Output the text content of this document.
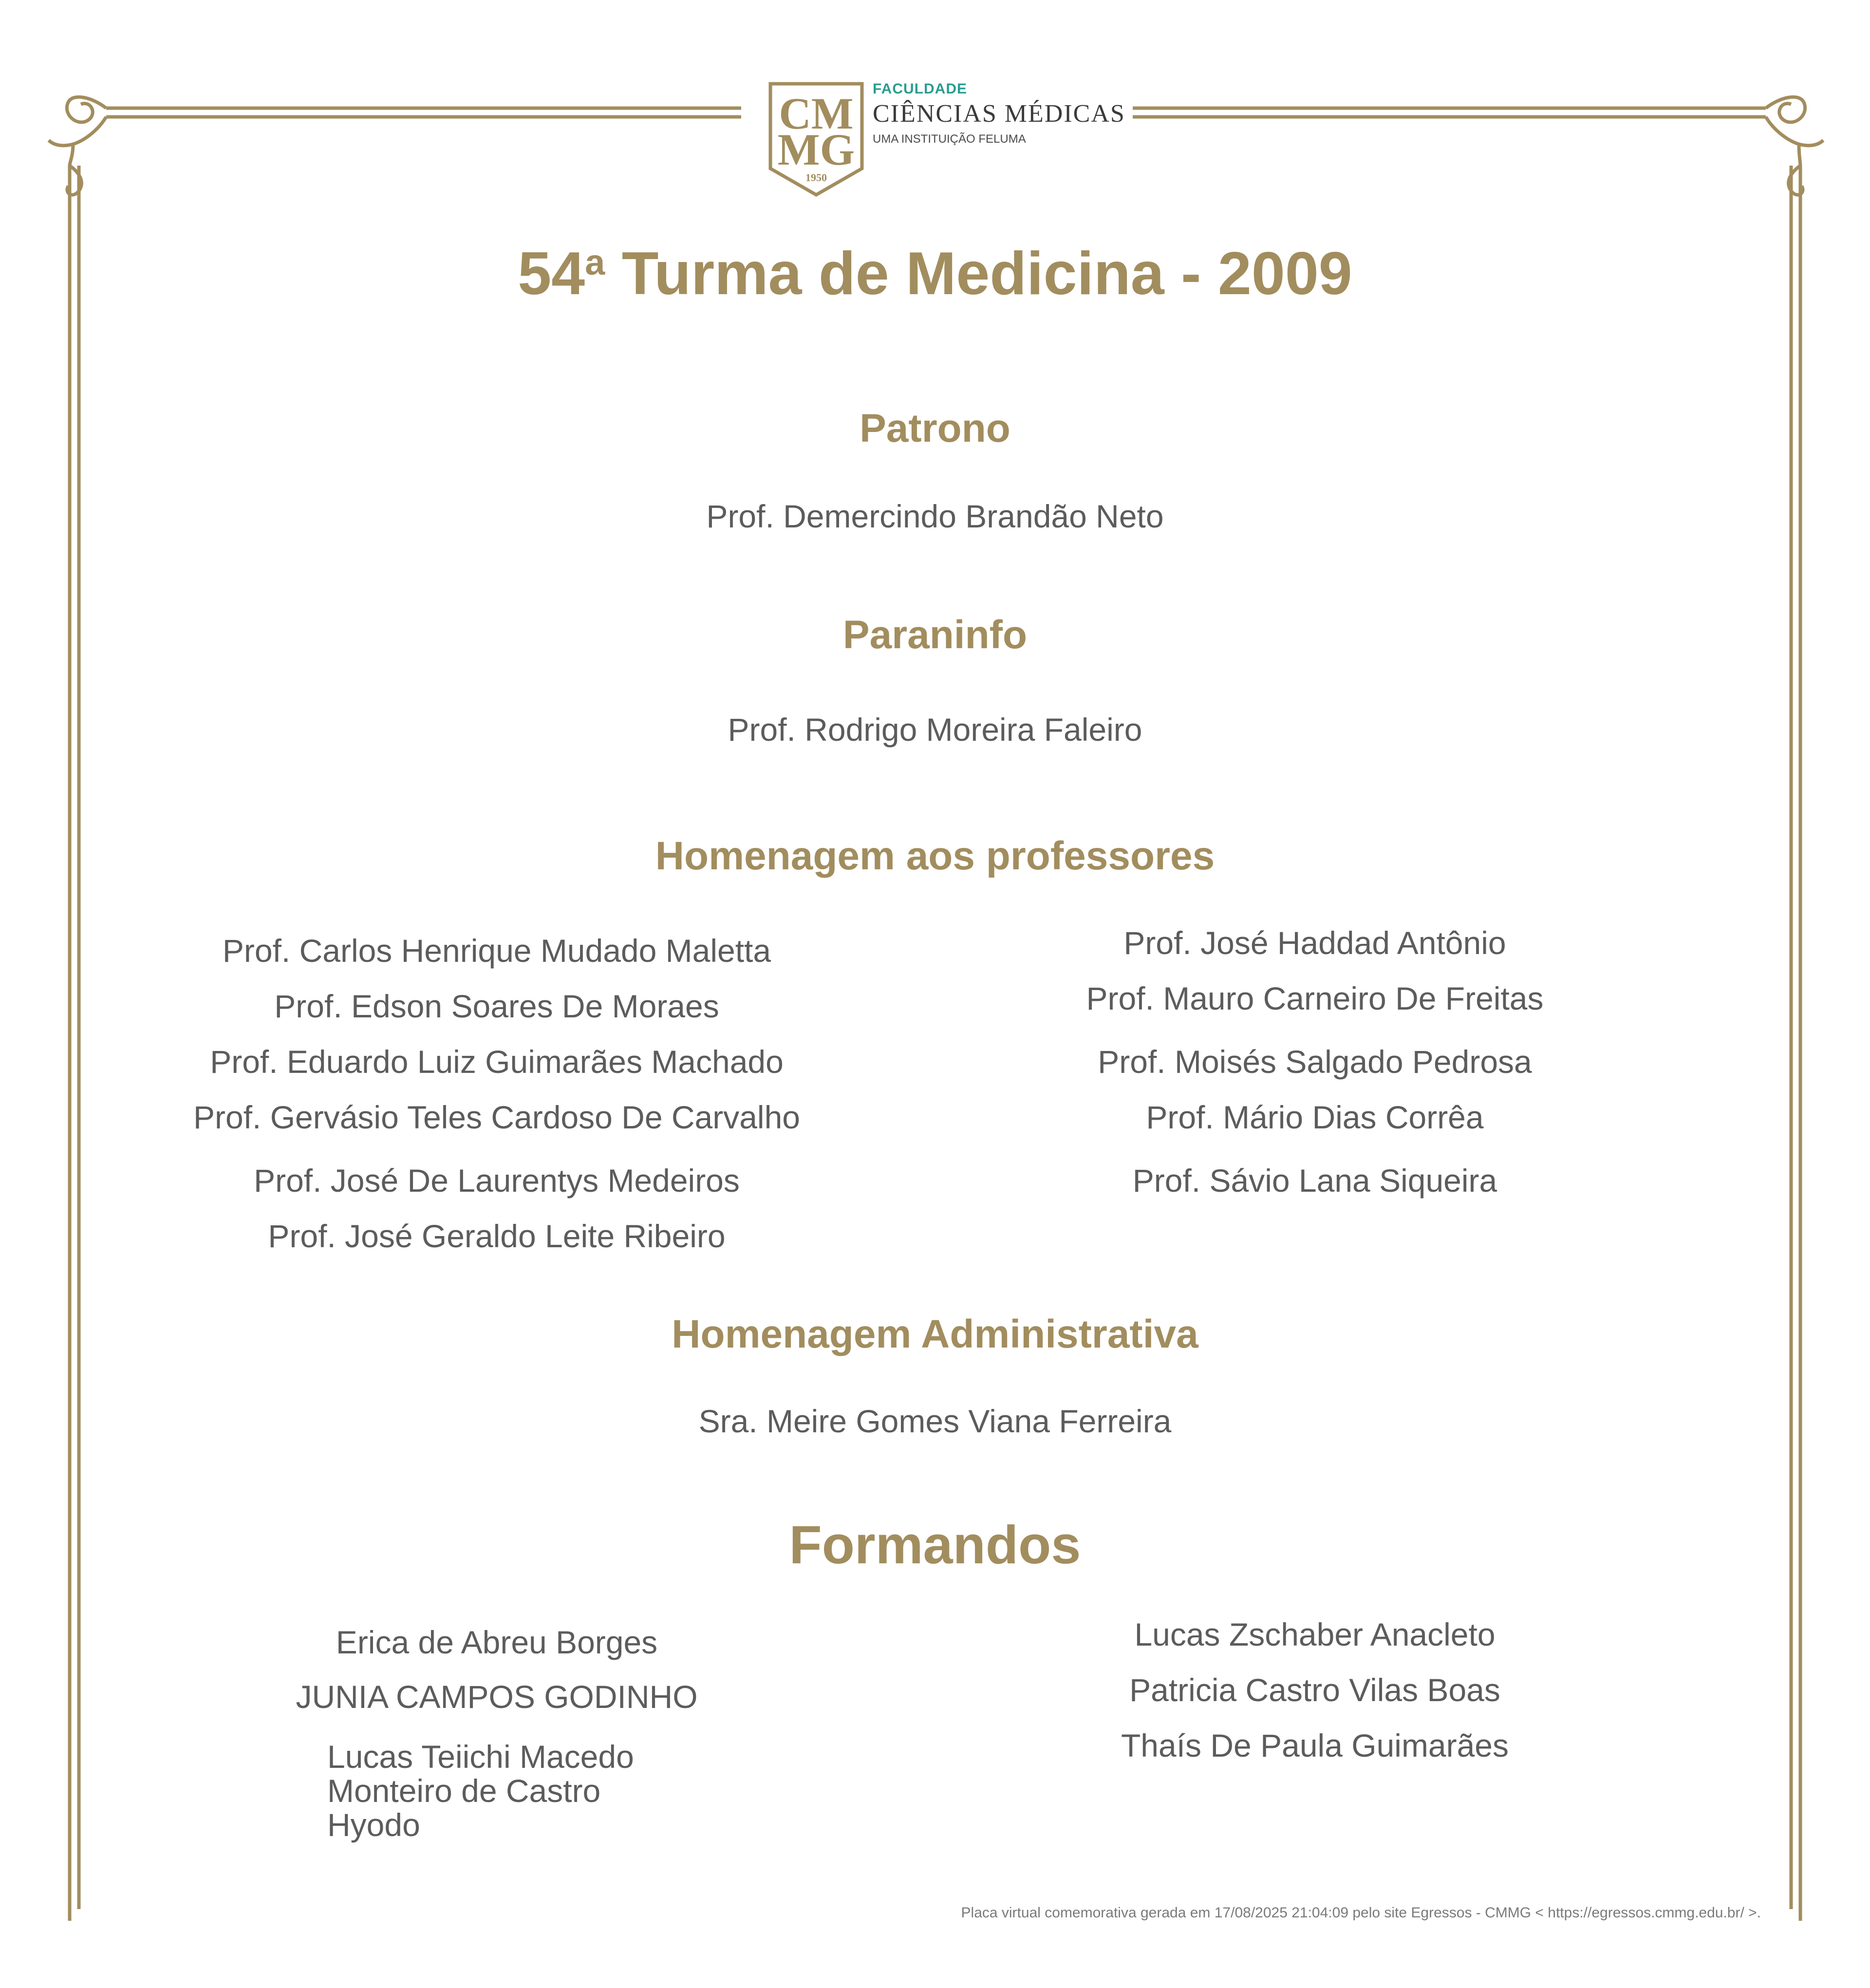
CM
MG
1950
FACULDADE
CIÊNCIAS MÉDICAS
UMA INSTITUIÇÃO FELUMA
54$^a$ Turma de Medicina - 2009
Patrono
Prof. Demercindo Brandão Neto
Paraninfo
Prof. Rodrigo Moreira Faleiro
Homenagem aos professores
Prof. Carlos Henrique Mudado Maletta
Prof. Edson Soares De Moraes
Prof. Eduardo Luiz Guimarães Machado
Prof. Gervásio Teles Cardoso De Carvalho
Prof. José De Laurentys Medeiros
Prof. José Geraldo Leite Ribeiro
Prof. José Haddad Antônio
Prof. Mauro Carneiro De Freitas
Prof. Moisés Salgado Pedrosa
Prof. Mário Dias Corrêa
Prof. Sávio Lana Siqueira
Homenagem Administrativa
Sra. Meire Gomes Viana Ferreira
Formandos
Erica de Abreu Borges
JUNIA CAMPOS GODINHO
Lucas Teiichi Macedo
Monteiro de Castro
Hyodo
Lucas Zschaber Anacleto
Patricia Castro Vilas Boas
Thaís De Paula Guimarães
Placa virtual comemorativa gerada em 17/08/2025 21:04:09 pelo site Egressos - CMMG < https://egressos.cmmg.edu.br/ >.
